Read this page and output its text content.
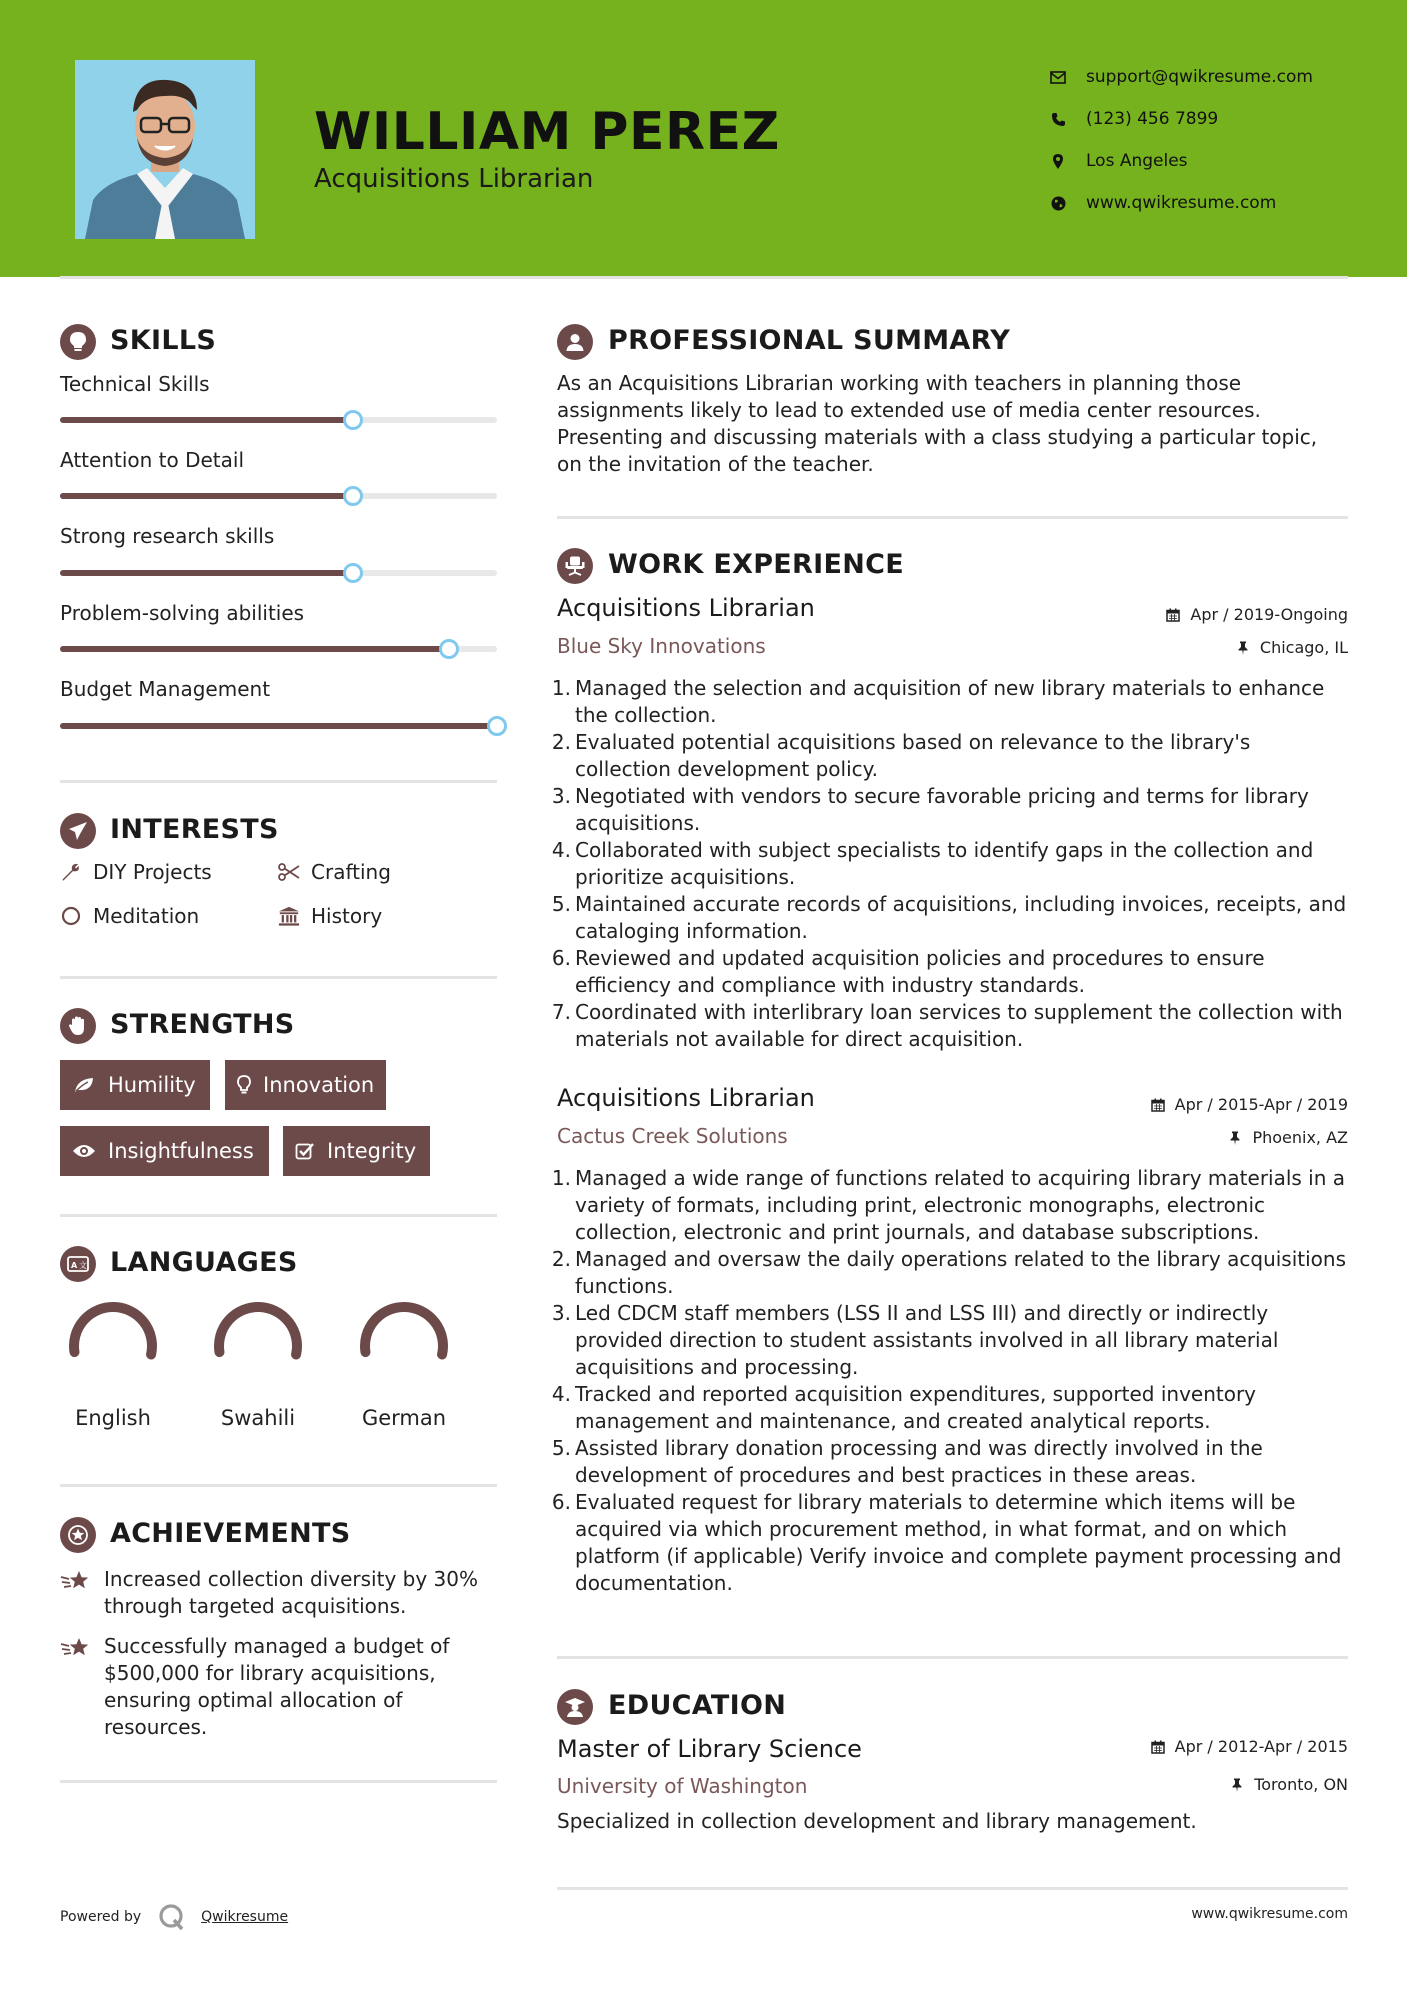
WILLIAM PEREZ
Acquisitions Librarian
support@qwikresume.com
(123) 456 7899
Los Angeles
www.qwikresume.com
SKILLS
Technical Skills
Attention to Detail
Strong research skills
Problem-solving abilities
Budget Management
INTERESTS
DIY Projects	Crafting
Meditation	History
STRENGTHS
Humility	Innovation
Insightfulness	Integrity
A 文 LANGUAGES
English	Swahili	German
ACHIEVEMENTS
Increased collection diversity by 30% through targeted acquisitions.
Successfully managed a budget of $500,000 for library acquisitions, ensuring optimal allocation of resources.
PROFESSIONAL SUMMARY
As an Acquisitions Librarian working with teachers in planning those assignments likely to lead to extended use of media center resources. Presenting and discussing materials with a class studying a particular topic, on the invitation of the teacher.
WORK EXPERIENCE
Acquisitions Librarian	Apr / 2019-Ongoing
Blue Sky Innovations	Chicago, IL
1. Managed the selection and acquisition of new library materials to enhance the collection.
2. Evaluated potential acquisitions based on relevance to the library's collection development policy.
3. Negotiated with vendors to secure favorable pricing and terms for library acquisitions.
4. Collaborated with subject specialists to identify gaps in the collection and prioritize acquisitions.
5. Maintained accurate records of acquisitions, including invoices, receipts, and cataloging information.
6. Reviewed and updated acquisition policies and procedures to ensure efficiency and compliance with industry standards.
7. Coordinated with interlibrary loan services to supplement the collection with materials not available for direct acquisition.
Acquisitions Librarian	Apr / 2015-Apr / 2019
Cactus Creek Solutions	Phoenix, AZ
1. Managed a wide range of functions related to acquiring library materials in a variety of formats, including print, electronic monographs, electronic collection, electronic and print journals, and database subscriptions.
2. Managed and oversaw the daily operations related to the library acquisitions functions.
3. Led CDCM staff members (LSS II and LSS III) and directly or indirectly provided direction to student assistants involved in all library material acquisitions and processing.
4. Tracked and reported acquisition expenditures, supported inventory management and maintenance, and created analytical reports.
5. Assisted library donation processing and was directly involved in the development of procedures and best practices in these areas.
6. Evaluated request for library materials to determine which items will be acquired via which procurement method, in what format, and on which platform (if applicable) Verify invoice and complete payment processing and documentation.
EDUCATION
Master of Library Science	Apr / 2012-Apr / 2015
University of Washington	Toronto, ON
Specialized in collection development and library management.
Powered by	Qwikresume	www.qwikresume.com
